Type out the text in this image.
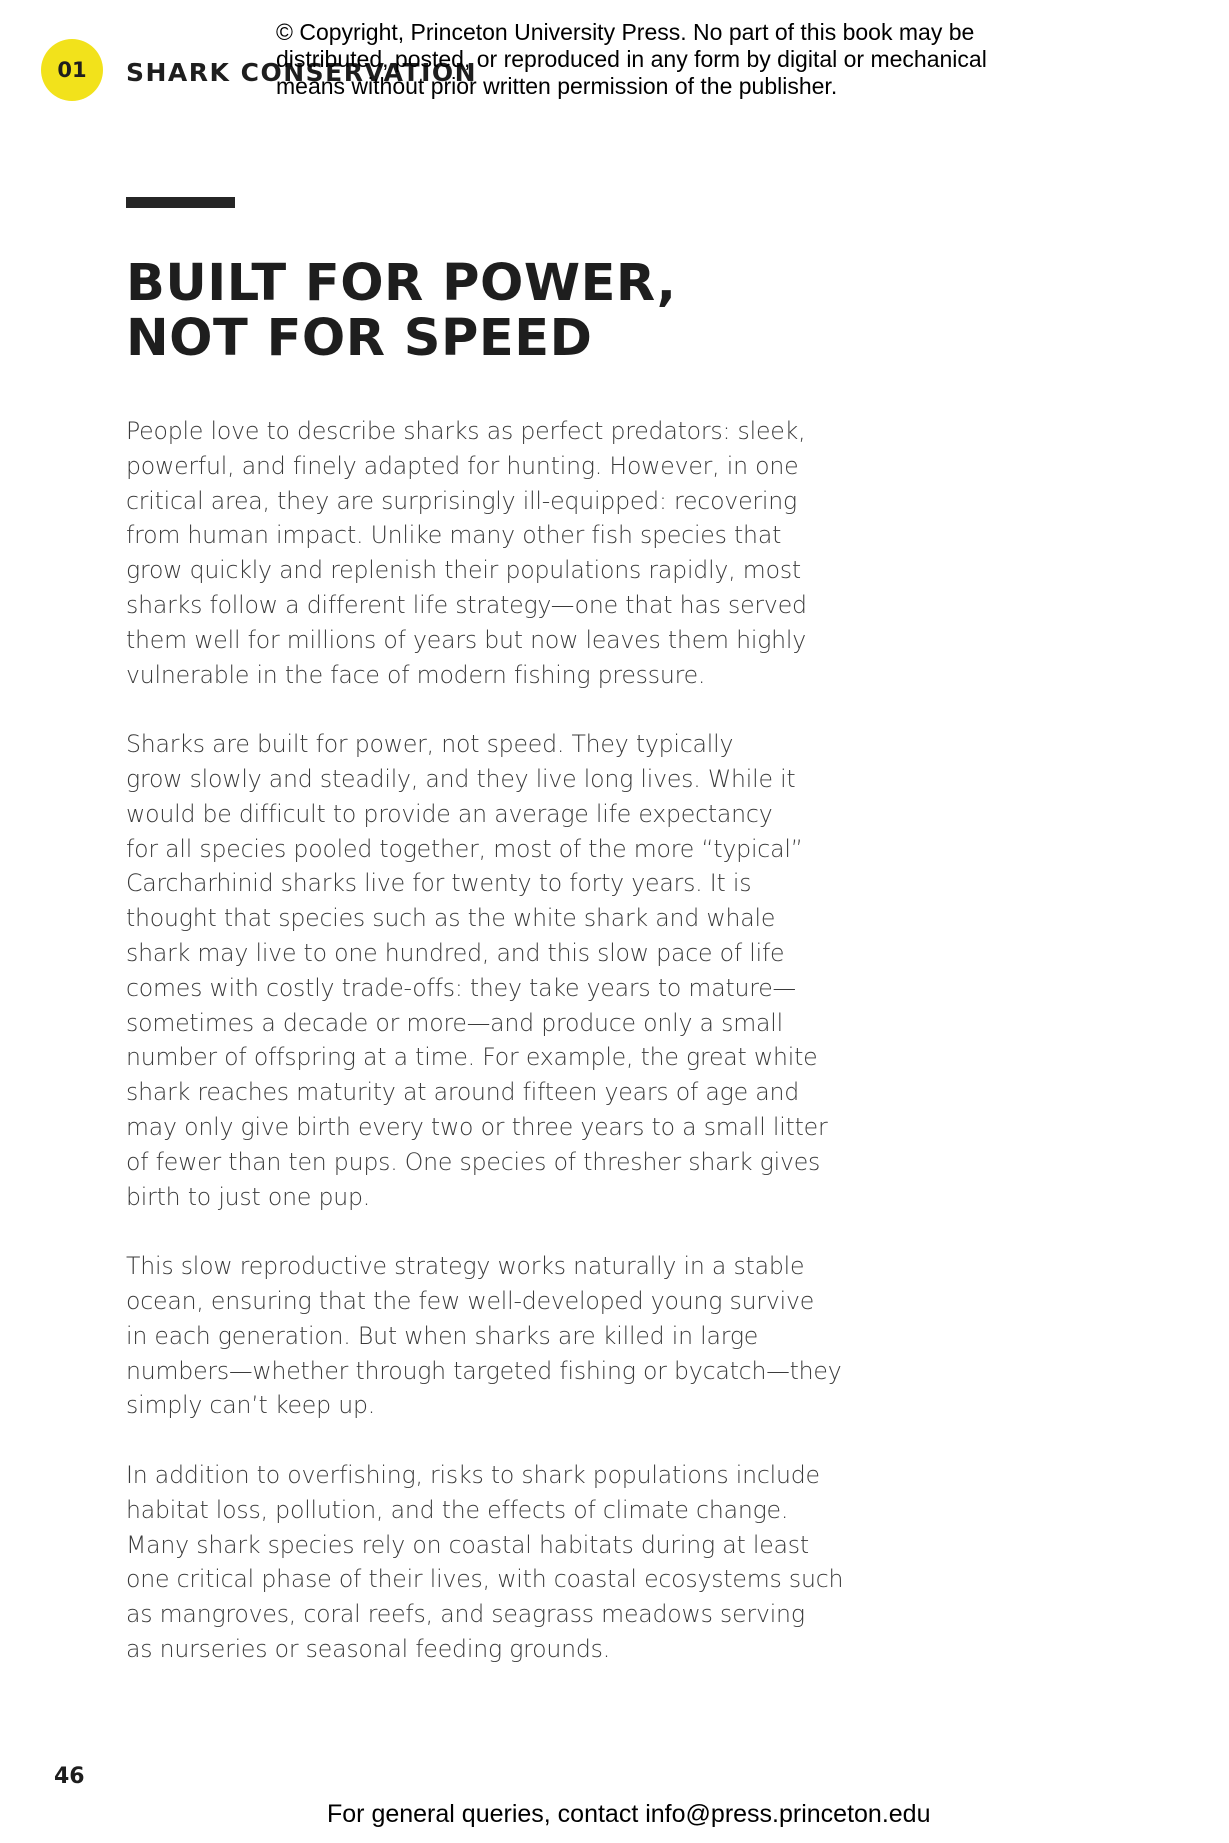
01 SHARK CONSERVATION
© Copyright, Princeton University Press. No part of this book may be distributed, posted, or reproduced in any form by digital or mechanical means without prior written permission of the publisher.
BUILT FOR POWER,
NOT FOR SPEED

People love to describe sharks as perfect predators: sleek,
powerful, and finely adapted for hunting. However, in one
critical area, they are surprisingly ill-equipped: recovering
from human impact. Unlike many other fish species that
grow quickly and replenish their populations rapidly, most
sharks follow a different life strategy—one that has served
them well for millions of years but now leaves them highly
vulnerable in the face of modern fishing pressure.

Sharks are built for power, not speed. They typically
grow slowly and steadily, and they live long lives. While it
would be difficult to provide an average life expectancy
for all species pooled together, most of the more “typical”
Carcharhinid sharks live for twenty to forty years. It is
thought that species such as the white shark and whale
shark may live to one hundred, and this slow pace of life
comes with costly trade-offs: they take years to mature—
sometimes a decade or more—and produce only a small
number of offspring at a time. For example, the great white
shark reaches maturity at around fifteen years of age and
may only give birth every two or three years to a small litter
of fewer than ten pups. One species of thresher shark gives
birth to just one pup.

This slow reproductive strategy works naturally in a stable
ocean, ensuring that the few well-developed young survive
in each generation. But when sharks are killed in large
numbers—whether through targeted fishing or bycatch—they
simply can’t keep up.

In addition to overfishing, risks to shark populations include
habitat loss, pollution, and the effects of climate change.
Many shark species rely on coastal habitats during at least
one critical phase of their lives, with coastal ecosystems such
as mangroves, coral reefs, and seagrass meadows serving
as nurseries or seasonal feeding grounds.

46
For general queries, contact info@press.princeton.edu
